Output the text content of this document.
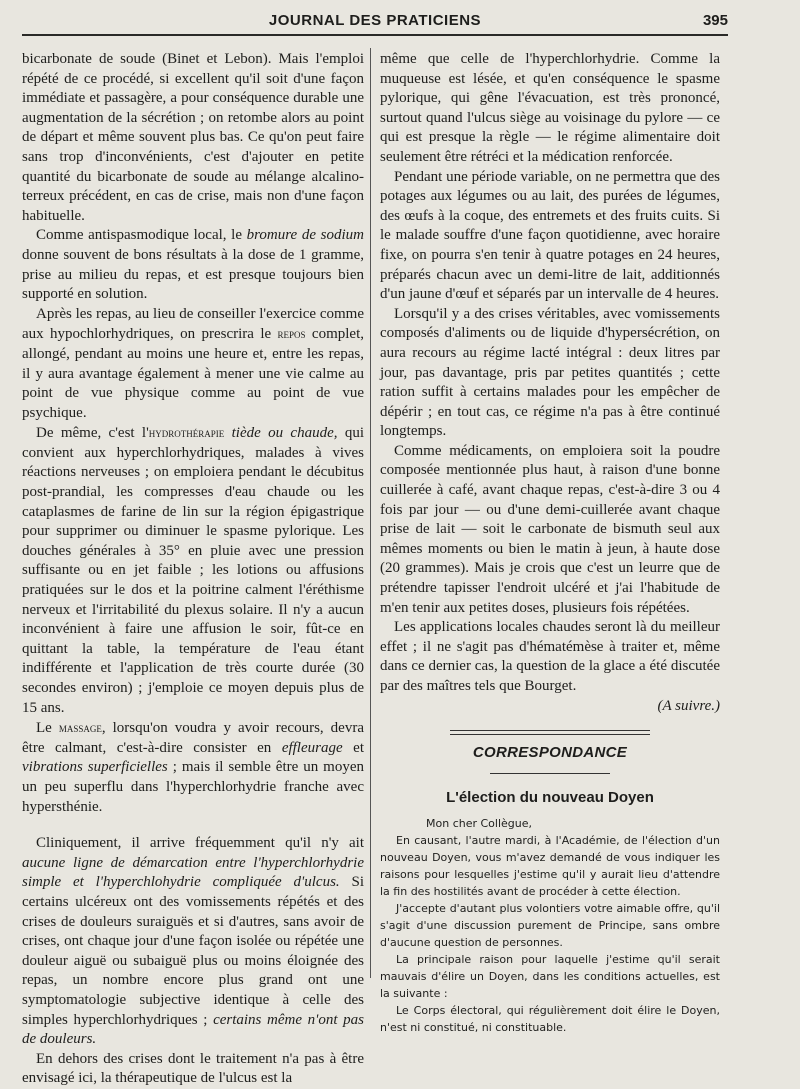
JOURNAL DES PRATICIENS	395

bicarbonate de soude (Binet et Lebon). Mais l'emploi répété de ce procédé, si excellent qu'il soit d'une façon immédiate et passagère, a pour conséquence durable une augmentation de la sécrétion ; on retombe alors au point de départ et même souvent plus bas. Ce qu'on peut faire sans trop d'inconvénients, c'est d'ajouter en petite quantité du bicarbonate de soude au mélange alcalino-terreux précédent, en cas de crise, mais non d'une façon habituelle.

Comme antispasmodique local, le bromure de sodium donne souvent de bons résultats à la dose de 1 gramme, prise au milieu du repas, et est presque toujours bien supporté en solution.

Après les repas, au lieu de conseiller l'exercice comme aux hypochlorhydriques, on prescrira le repos complet, allongé, pendant au moins une heure et, entre les repas, il y aura avantage également à mener une vie calme au point de vue physique comme au point de vue psychique.

De même, c'est l'hydrothérapie tiède ou chaude, qui convient aux hyperchlorhydriques, malades à vives réactions nerveuses ; on emploiera pendant le décubitus post-prandial, les compresses d'eau chaude ou les cataplasmes de farine de lin sur la région épigastrique pour supprimer ou diminuer le spasme pylorique. Les douches générales à 35° en pluie avec une pression suffisante ou en jet faible ; les lotions ou affusions pratiquées sur le dos et la poitrine calment l'éréthisme nerveux et l'irritabilité du plexus solaire. Il n'y a aucun inconvénient à faire une affusion le soir, fût-ce en quittant la table, la température de l'eau étant indifférente et l'application de très courte durée (30 secondes environ) ; j'emploie ce moyen depuis plus de 15 ans.

Le massage, lorsqu'on voudra y avoir recours, devra être calmant, c'est-à-dire consister en effleurage et vibrations superficielles ; mais il semble être un moyen un peu superflu dans l'hyperchlorhydrie franche avec hypersthénie.

Cliniquement, il arrive fréquemment qu'il n'y ait aucune ligne de démarcation entre l'hyperchlorhydrie simple et l'hyperchlohydrie compliquée d'ulcus. Si certains ulcéreux ont des vomissements répétés et des crises de douleurs suraiguës et si d'autres, sans avoir de crises, ont chaque jour d'une façon isolée ou répétée une douleur aiguë ou subaiguë plus ou moins éloignée des repas, un nombre encore plus grand ont une symptomatologie subjective identique à celle des simples hyperchlorhydriques ; certains même n'ont pas de douleurs.

En dehors des crises dont le traitement n'a pas à être envisagé ici, la thérapeutique de l'ulcus est la

même que celle de l'hyperchlorhydrie. Comme la muqueuse est lésée, et qu'en conséquence le spasme pylorique, qui gêne l'évacuation, est très prononcé, surtout quand l'ulcus siège au voisinage du pylore — ce qui est presque la règle — le régime alimentaire doit seulement être rétréci et la médication renforcée.

Pendant une période variable, on ne permettra que des potages aux légumes ou au lait, des purées de légumes, des œufs à la coque, des entremets et des fruits cuits. Si le malade souffre d'une façon quotidienne, avec horaire fixe, on pourra s'en tenir à quatre potages en 24 heures, préparés chacun avec un demi-litre de lait, additionnés d'un jaune d'œuf et séparés par un intervalle de 4 heures.

Lorsqu'il y a des crises véritables, avec vomissements composés d'aliments ou de liquide d'hypersécrétion, on aura recours au régime lacté intégral : deux litres par jour, pas davantage, pris par petites quantités ; cette ration suffit à certains malades pour les empêcher de dépérir ; en tout cas, ce régime n'a pas à être continué longtemps.

Comme médicaments, on emploiera soit la poudre composée mentionnée plus haut, à raison d'une bonne cuillerée à café, avant chaque repas, c'est-à-dire 3 ou 4 fois par jour — ou d'une demi-cuillerée avant chaque prise de lait — soit le carbonate de bismuth seul aux mêmes moments ou bien le matin à jeun, à haute dose (20 grammes). Mais je crois que c'est un leurre que de prétendre tapisser l'endroit ulcéré et j'ai l'habitude de m'en tenir aux petites doses, plusieurs fois répétées.

Les applications locales chaudes seront là du meilleur effet ; il ne s'agit pas d'hématémèse à traiter et, même dans ce dernier cas, la question de la glace a été discutée par des maîtres tels que Bourget.

(A suivre.)

CORRESPONDANCE
L'élection du nouveau Doyen

Mon cher Collègue,

En causant, l'autre mardi, à l'Académie, de l'élection d'un nouveau Doyen, vous m'avez demandé de vous indiquer les raisons pour lesquelles j'estime qu'il y aurait lieu d'attendre la fin des hostilités avant de procéder à cette élection.

J'accepte d'autant plus volontiers votre aimable offre, qu'il s'agit d'une discussion purement de Principe, sans ombre d'aucune question de personnes.

La principale raison pour laquelle j'estime qu'il serait mauvais d'élire un Doyen, dans les conditions actuelles, est la suivante :

Le Corps électoral, qui régulièrement doit élire le Doyen, n'est ni constitué, ni constituable.
